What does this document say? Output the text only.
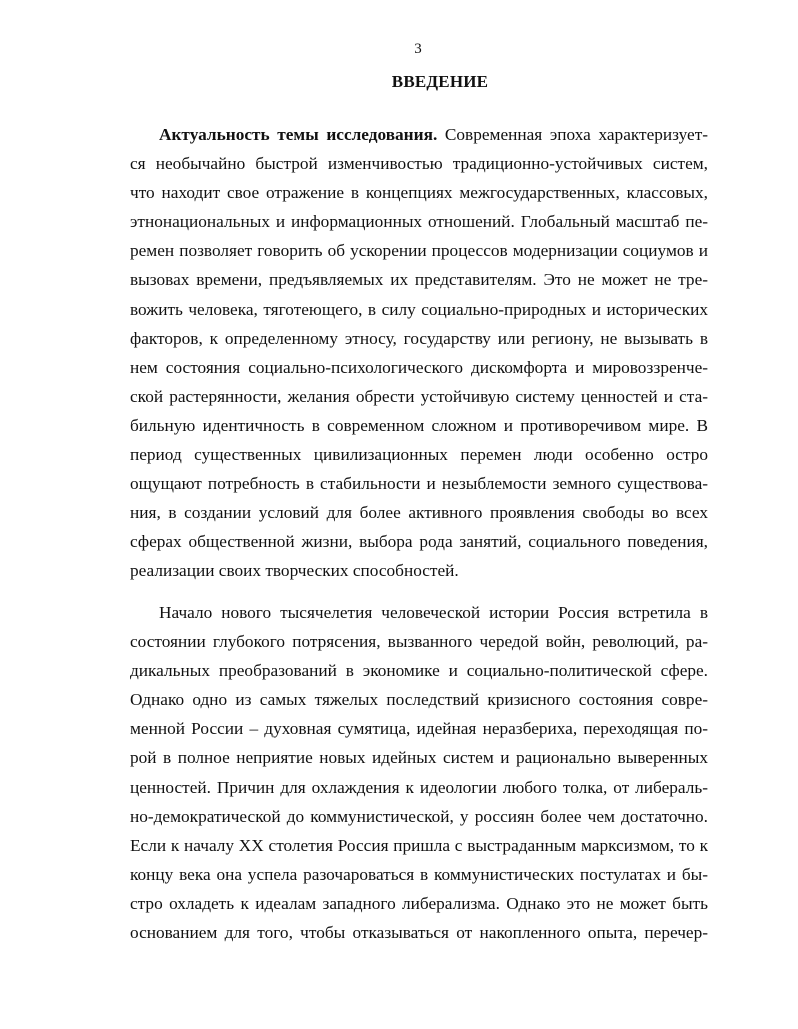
3
ВВЕДЕНИЕ
Актуальность темы исследования. Современная эпоха характеризует-
ся необычайно быстрой изменчивостью традиционно-устойчивых систем,
что находит свое отражение в концепциях межгосударственных, классовых,
этнонациональных и информационных отношений. Глобальный масштаб пе-
ремен позволяет говорить об ускорении процессов модернизации социумов и
вызовах времени, предъявляемых их представителям. Это не может не тре-
вожить человека, тяготеющего, в силу социально-природных и исторических
факторов, к определенному этносу, государству или региону, не вызывать в
нем состояния социально-психологического дискомфорта и мировоззренче-
ской растерянности, желания обрести устойчивую систему ценностей и ста-
бильную идентичность в современном сложном и противоречивом мире. В
период существенных цивилизационных перемен люди особенно остро
ощущают потребность в стабильности и незыблемости земного существова-
ния, в создании условий для более активного проявления свободы во всех
сферах общественной жизни, выбора рода занятий, социального поведения,
реализации своих творческих способностей.
Начало нового тысячелетия человеческой истории Россия встретила в
состоянии глубокого потрясения, вызванного чередой войн, революций, ра-
дикальных преобразований в экономике и социально-политической сфере.
Однако одно из самых тяжелых последствий кризисного состояния совре-
менной России – духовная сумятица, идейная неразбериха, переходящая по-
рой в полное неприятие новых идейных систем и рационально выверенных
ценностей. Причин для охлаждения к идеологии любого толка, от либераль-
но-демократической до коммунистической, у россиян более чем достаточно.
Если к началу XX столетия Россия пришла с выстраданным марксизмом, то к
концу века она успела разочароваться в коммунистических постулатах и бы-
стро охладеть к идеалам западного либерализма. Однако это не может быть
основанием для того, чтобы отказываться от накопленного опыта, перечер-
